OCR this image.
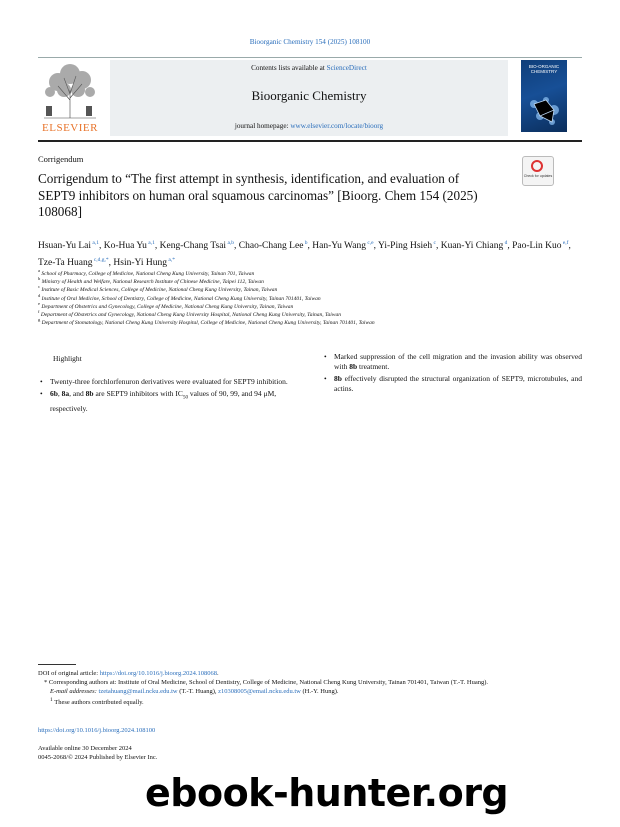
Bioorganic Chemistry 154 (2025) 108100
ELSEVIER
Contents lists available at ScienceDirect
Bioorganic Chemistry
journal homepage: www.elsevier.com/locate/bioorg
BIO-ORGANIC CHEMISTRY
Corrigendum
Corrigendum to “The first attempt in synthesis, identification, and evaluation of SEPT9 inhibitors on human oral squamous carcinomas” [Bioorg. Chem 154 (2025) 108068]
Check for updates
Hsuan-Yu Lai $^{a,1}$, Ko-Hua Yu $^{a,1}$, Keng-Chang Tsai $^{a,b}$, Chao-Chang Lee $^b$, Han-Yu Wang $^{c,e}$, Yi-Ping Hsieh $^c$, Kuan-Yi Chiang $^d$, Pao-Lin Kuo $^{e,f}$, Tze-Ta Huang $^{c,d,g,*}$, Hsin-Yi Hung $^{a,*}$
$^a$ School of Pharmacy, College of Medicine, National Cheng Kung University, Tainan 701, Taiwan
$^b$ Ministry of Health and Welfare, National Research Institute of Chinese Medicine, Taipei 112, Taiwan
$^c$ Institute of Basic Medical Sciences, College of Medicine, National Cheng Kung University, Tainan, Taiwan
$^d$ Institute of Oral Medicine, School of Dentistry, College of Medicine, National Cheng Kung University, Tainan 701401, Taiwan
$^e$ Department of Obstetrics and Gynecology, College of Medicine, National Cheng Kung University, Tainan, Taiwan
$^f$ Department of Obstetrics and Gynecology, National Cheng Kung University Hospital, National Cheng Kung University, Tainan, Taiwan
$^g$ Department of Stomatology, National Cheng Kung University Hospital, College of Medicine, National Cheng Kung University, Tainan 701401, Taiwan
Highlight
• Twenty-three forchlorfenuron derivatives were evaluated for SEPT9 inhibition.
• 6b, 8a, and 8b are SEPT9 inhibitors with $IC_{50}$ values of 90, 99, and 94 μM, respectively.
• Marked suppression of the cell migration and the invasion ability was observed with 8b treatment.
• 8b effectively disrupted the structural organization of SEPT9, microtubules, and actins.

DOI of original article: https://doi.org/10.1016/j.bioorg.2024.108068.

* Corresponding authors at: Institute of Oral Medicine, School of Dentistry, College of Medicine, National Cheng Kung University, Tainan 701401, Taiwan (T.-T. Huang).

E-mail addresses: tzetahuang@mail.ncku.edu.tw (T.-T. Huang), z10308005@email.ncku.edu.tw (H.-Y. Hung).

$^1$ These authors contributed equally.

https://doi.org/10.1016/j.bioorg.2024.108100
Available online 30 December 2024
0045-2068/© 2024 Published by Elsevier Inc.
ebook-hunter.org
